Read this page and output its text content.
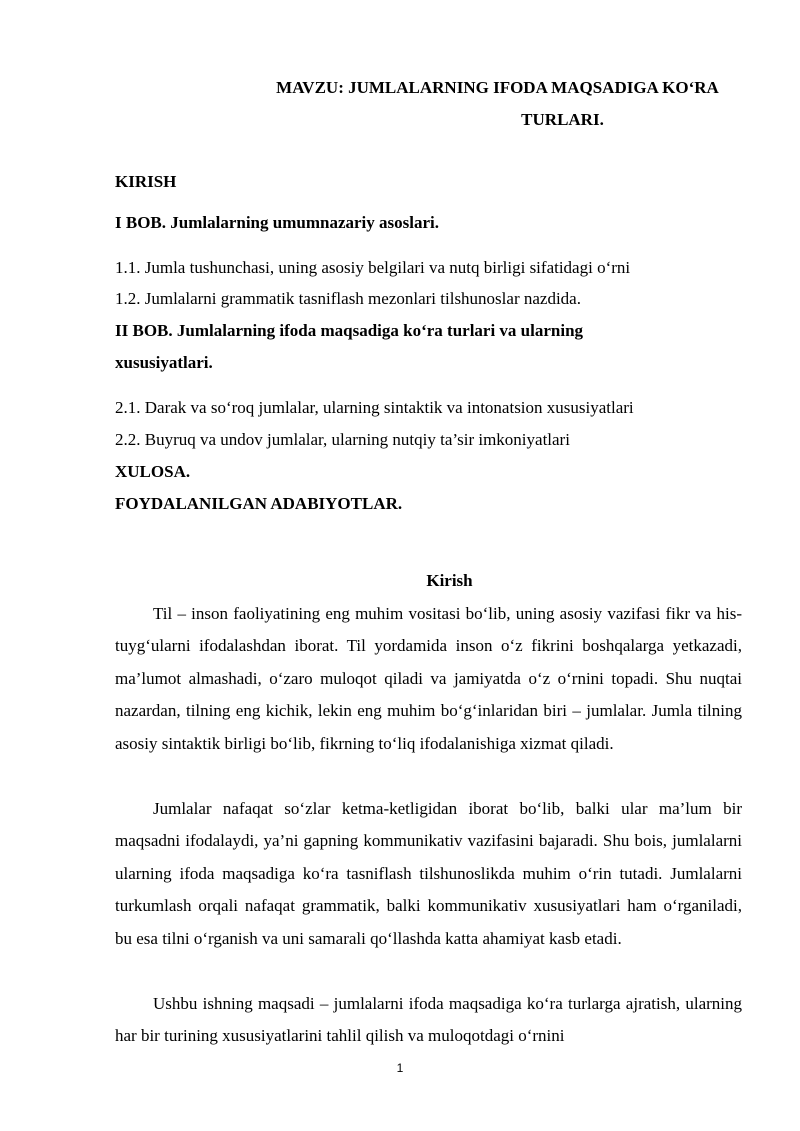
MAVZU: JUMLALARNING IFODA MAQSADIGA KO‘RA
TURLARI.
KIRISH
I BOB. Jumlalarning umumnazariy asoslari.
1.1. Jumla tushunchasi, uning asosiy belgilari va nutq birligi sifatidagi o‘rni
1.2. Jumlalarni grammatik tasniflash mezonlari tilshunoslar nazdida.
II BOB. Jumlalarning ifoda maqsadiga ko‘ra turlari va ularning
xususiyatlari.
2.1. Darak va so‘roq jumlalar, ularning sintaktik va intonatsion xususiyatlari
2.2. Buyruq va undov jumlalar, ularning nutqiy ta’sir imkoniyatlari
XULOSA.
FOYDALANILGAN ADABIYOTLAR.
Kirish

Til – inson faoliyatining eng muhim vositasi bo‘lib, uning asosiy vazifasi fikr va his-tuyg‘ularni ifodalashdan iborat. Til yordamida inson o‘z fikrini boshqalarga yetkazadi, ma’lumot almashadi, o‘zaro muloqot qiladi va jamiyatda o‘z o‘rnini topadi. Shu nuqtai nazardan, tilning eng kichik, lekin eng muhim bo‘g‘inlaridan biri – jumlalar. Jumla tilning asosiy sintaktik birligi bo‘lib, fikrning to‘liq ifodalanishiga xizmat qiladi.

Jumlalar nafaqat so‘zlar ketma-ketligidan iborat bo‘lib, balki ular ma’lum bir maqsadni ifodalaydi, ya’ni gapning kommunikativ vazifasini bajaradi. Shu bois, jumlalarni ularning ifoda maqsadiga ko‘ra tasniflash tilshunoslikda muhim o‘rin tutadi. Jumlalarni turkumlash orqali nafaqat grammatik, balki kommunikativ xususiyatlari ham o‘rganiladi, bu esa tilni o‘rganish va uni samarali qo‘llashda katta ahamiyat kasb etadi.

Ushbu ishning maqsadi – jumlalarni ifoda maqsadiga ko‘ra turlarga ajratish, ularning har bir turining xususiyatlarini tahlil qilish va muloqotdagi o‘rnini

1
